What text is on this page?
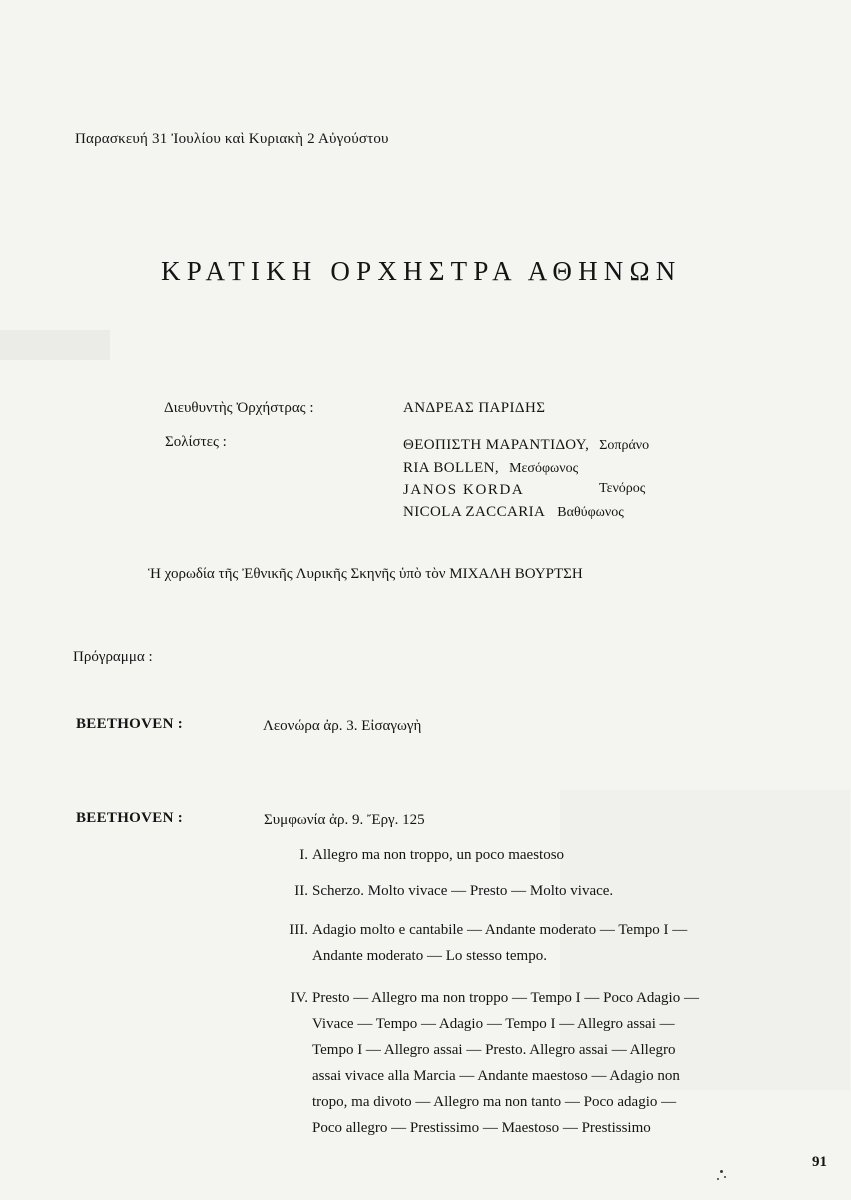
Παρασκευή 31 Ἰουλίου καὶ Κυριακὴ 2 Αὐγούστου
ΚΡΑΤΙΚΗ ΟΡΧΗΣΤΡΑ ΑΘΗΝΩΝ
Διευθυντὴς Ὀρχήστρας :	ΑΝΔΡΕΑΣ ΠΑΡΙΔΗΣ
Σολίστες :	ΘΕΟΠΙΣΤΗ ΜΑΡΑΝΤΙΔΟΥ, Σοπράνο
RIA BOLLEN, Μεσόφωνος
JANOS KORDA	Τενόρος
NICOLA ZACCARIA Βαθύφωνος
Ἡ χορωδία τῆς Ἐθνικῆς Λυρικῆς Σκηνῆς ὑπὸ τὸν ΜΙΧΑΛΗ ΒΟΥΡΤΣΗ
Πρόγραμμα :
BEETHOVEN :	Λεονώρα ἀρ. 3. Εἰσαγωγὴ
BEETHOVEN :	Συμφωνία ἀρ. 9. Ἔργ. 125
I. Allegro ma non troppo, un poco maestoso
II. Scherzo. Molto vivace — Presto — Molto vivace.
III. Adagio molto e cantabile — Andante moderato — Tempo I —
Andante moderato — Lo stesso tempo.
IV. Presto — Allegro ma non troppo — Tempo I — Poco Adagio —
Vivace — Tempo — Adagio — Tempo I — Allegro assai —
Tempo I — Allegro assai — Presto. Allegro assai — Allegro
assai vivace alla Marcia — Andante maestoso — Adagio non
tropo, ma divoto — Allegro ma non tanto — Poco adagio —
Poco allegro — Prestissimo — Maestoso — Prestissimo
91
